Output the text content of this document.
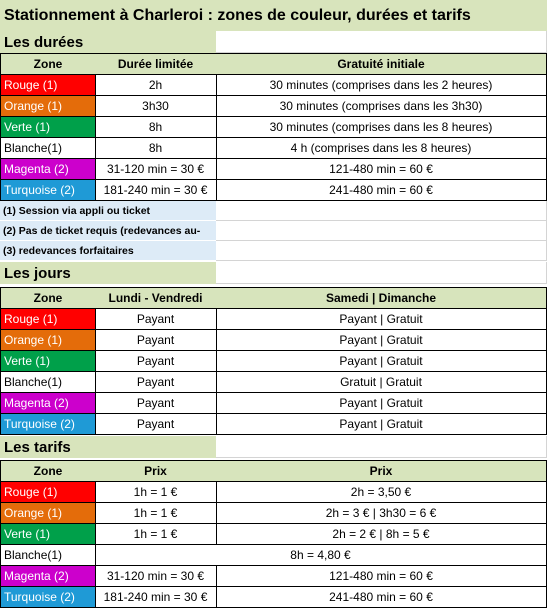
Stationnement à Charleroi : zones de couleur, durées et tarifs
Les durées
Zone	Durée limitée	Gratuité initiale
Rouge (1)	2h	30 minutes (comprises dans les 2 heures)
Orange (1)	3h30	30 minutes (comprises dans les 3h30)
Verte (1)	8h	30 minutes (comprises dans les 8 heures)
Blanche(1)	8h	4 h (comprises dans les 8 heures)
Magenta (2)	31-120 min = 30 €	121-480 min = 60 €
Turquoise (2)	181-240 min = 30 €	241-480 min = 60 €
(1) Session via appli ou ticket
(2) Pas de ticket requis (redevances au-
(3) redevances forfaitaires
Les jours
Zone	Lundi - Vendredi	Samedi | Dimanche
Rouge (1)	Payant	Payant | Gratuit
Orange (1)	Payant	Payant | Gratuit
Verte (1)	Payant	Payant | Gratuit
Blanche(1)	Payant	Gratuit | Gratuit
Magenta (2)	Payant	Payant | Gratuit
Turquoise (2)	Payant	Payant | Gratuit
Les tarifs
Zone	Prix	Prix
Rouge (1)	1h = 1 €	2h = 3,50 €
Orange (1)	1h = 1 €	2h = 3 € | 3h30 = 6 €
Verte (1)	1h = 1 €	2h = 2 € | 8h = 5 €
Blanche(1)	8h = 4,80 €
Magenta (2)	31-120 min = 30 €	121-480 min = 60 €
Turquoise (2)	181-240 min = 30 €	241-480 min = 60 €
